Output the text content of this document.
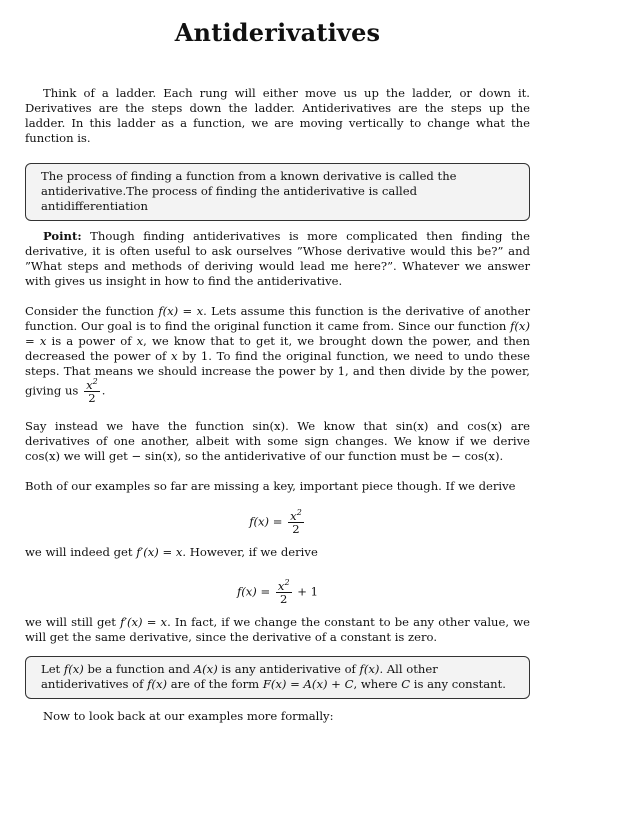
Antiderivatives

Think of a ladder. Each rung will either move us up the ladder, or down it. Derivatives are the steps down the ladder. Antiderivatives are the steps up the ladder. In this ladder as a function, we are moving vertically to change what the function is.

The process of finding a function from a known derivative is called the antiderivative.The process of finding the antiderivative is called antidifferentiation

Point: Though finding antiderivatives is more complicated then finding the derivative, it is often useful to ask ourselves ”Whose derivative would this be?” and ”What steps and methods of deriving would lead me here?”. Whatever we answer with gives us insight in how to find the antiderivative.

Consider the function f(x) = x. Lets assume this function is the derivative of another function. Our goal is to find the original function it came from. Since our function f(x) = x is a power of x, we know that to get it, we brought down the power, and then decreased the power of x by 1. To find the original function, we need to undo these steps. That means we should increase the power by 1, and then divide by the power, giving us $\frac{x^2}{2}$ .

Say instead we have the function sin(x). We know that sin(x) and cos(x) are derivatives of one another, albeit with some sign changes. We know if we derive cos(x) we will get − sin(x), so the antiderivative of our function must be − cos(x).

Both of our examples so far are missing a key, important piece though. If we derive

$f(x) = \frac{x^2}{2}$

we will indeed get f′(x) = x. However, if we derive

$f(x) = \frac{x^2}{2} + 1$

we will still get f′(x) = x. In fact, if we change the constant to be any other value, we will get the same derivative, since the derivative of a constant is zero.

Let f(x) be a function and A(x) is any antiderivative of f(x). All other antiderivatives of f(x) are of the form F(x) = A(x) + C, where C is any constant.

Now to look back at our examples more formally:
